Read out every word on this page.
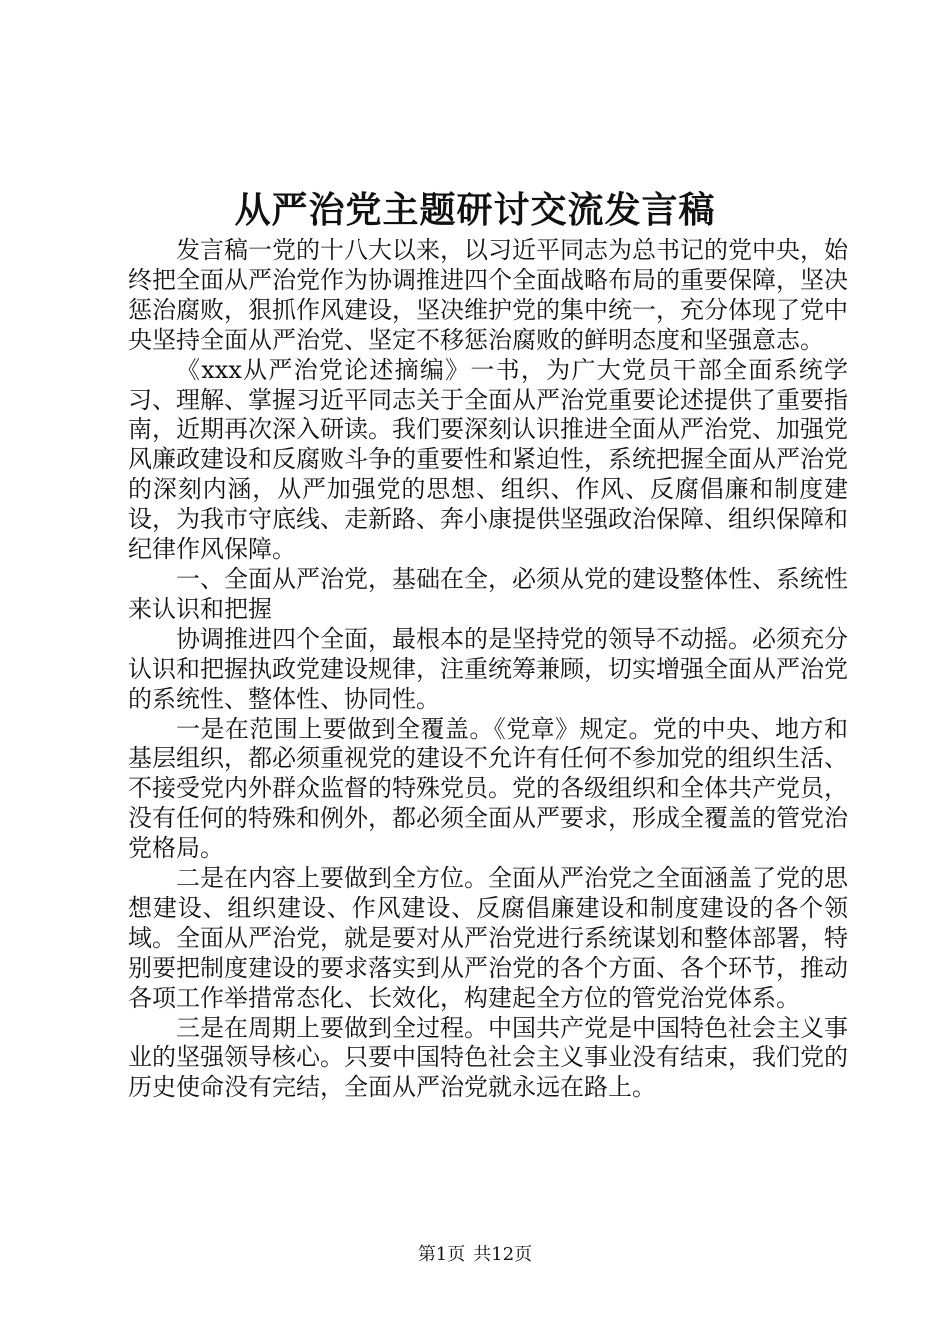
从严治党主题研讨交流发言稿

发言稿一党的十八大以来，以习近平同志为总书记的党中央，始终把全面从严治党作为协调推进四个全面战略布局的重要保障，坚决惩治腐败，狠抓作风建设，坚决维护党的集中统一，充分体现了党中央坚持全面从严治党、坚定不移惩治腐败的鲜明态度和坚强意志。

《xxx从严治党论述摘编》一书，为广大党员干部全面系统学习、理解、掌握习近平同志关于全面从严治党重要论述提供了重要指南，近期再次深入研读。我们要深刻认识推进全面从严治党、加强党风廉政建设和反腐败斗争的重要性和紧迫性，系统把握全面从严治党的深刻内涵，从严加强党的思想、组织、作风、反腐倡廉和制度建设，为我市守底线、走新路、奔小康提供坚强政治保障、组织保障和纪律作风保障。

一、全面从严治党，基础在全，必须从党的建设整体性、系统性来认识和把握

协调推进四个全面，最根本的是坚持党的领导不动摇。必须充分认识和把握执政党建设规律，注重统筹兼顾，切实增强全面从严治党的系统性、整体性、协同性。

一是在范围上要做到全覆盖。《党章》规定。党的中央、地方和基层组织，都必须重视党的建设不允许有任何不参加党的组织生活、不接受党内外群众监督的特殊党员。党的各级组织和全体共产党员，没有任何的特殊和例外，都必须全面从严要求，形成全覆盖的管党治党格局。

二是在内容上要做到全方位。全面从严治党之全面涵盖了党的思想建设、组织建设、作风建设、反腐倡廉建设和制度建设的各个领域。全面从严治党，就是要对从严治党进行系统谋划和整体部署，特别要把制度建设的要求落实到从严治党的各个方面、各个环节，推动各项工作举措常态化、长效化，构建起全方位的管党治党体系。

三是在周期上要做到全过程。中国共产党是中国特色社会主义事业的坚强领导核心。只要中国特色社会主义事业没有结束，我们党的历史使命没有完结，全面从严治党就永远在路上。

第1页 共12页
